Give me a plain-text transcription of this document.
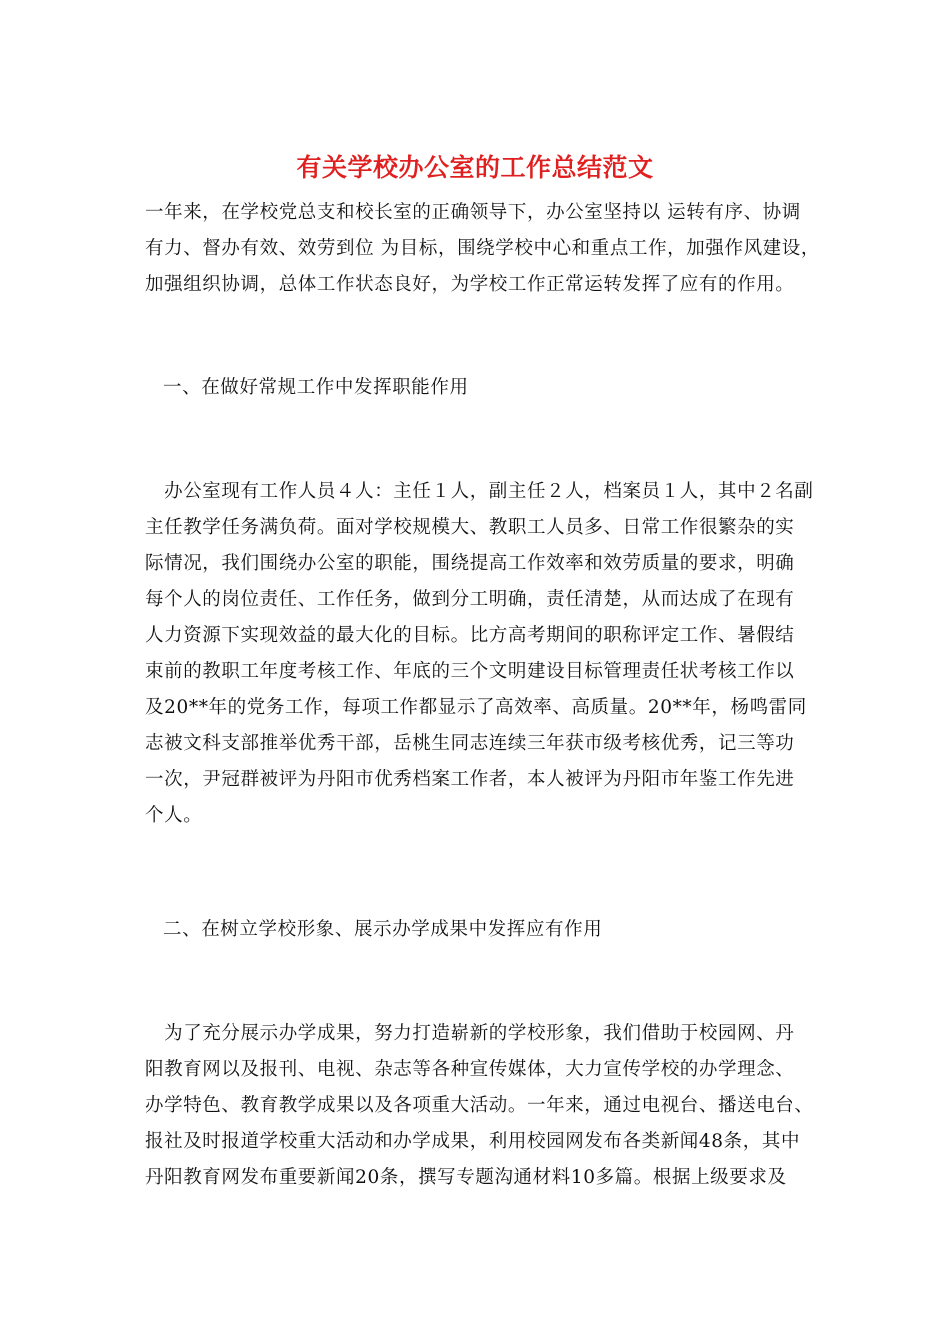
有关学校办公室的工作总结范文
一年来，在学校党总支和校长室的正确领导下，办公室坚持以 运转有序、协调
有力、督办有效、效劳到位 为目标，围绕学校中心和重点工作，加强作风建设，
加强组织协调，总体工作状态良好，为学校工作正常运转发挥了应有的作用。
一、在做好常规工作中发挥职能作用
　办公室现有工作人员４人：主任１人，副主任２人，档案员１人，其中２名副
主任教学任务满负荷。面对学校规模大、教职工人员多、日常工作很繁杂的实
际情况，我们围绕办公室的职能，围绕提高工作效率和效劳质量的要求，明确
每个人的岗位责任、工作任务，做到分工明确，责任清楚，从而达成了在现有
人力资源下实现效益的最大化的目标。比方高考期间的职称评定工作、暑假结
束前的教职工年度考核工作、年底的三个文明建设目标管理责任状考核工作以
及20**年的党务工作，每项工作都显示了高效率、高质量。20**年，杨鸣雷同
志被文科支部推举优秀干部，岳桃生同志连续三年获市级考核优秀，记三等功
一次，尹冠群被评为丹阳市优秀档案工作者，本人被评为丹阳市年鉴工作先进
个人。
二、在树立学校形象、展示办学成果中发挥应有作用
　为了充分展示办学成果，努力打造崭新的学校形象，我们借助于校园网、丹
阳教育网以及报刊、电视、杂志等各种宣传媒体，大力宣传学校的办学理念、
办学特色、教育教学成果以及各项重大活动。一年来，通过电视台、播送电台、
报社及时报道学校重大活动和办学成果，利用校园网发布各类新闻48条，其中
丹阳教育网发布重要新闻20条，撰写专题沟通材料10多篇。根据上级要求及
